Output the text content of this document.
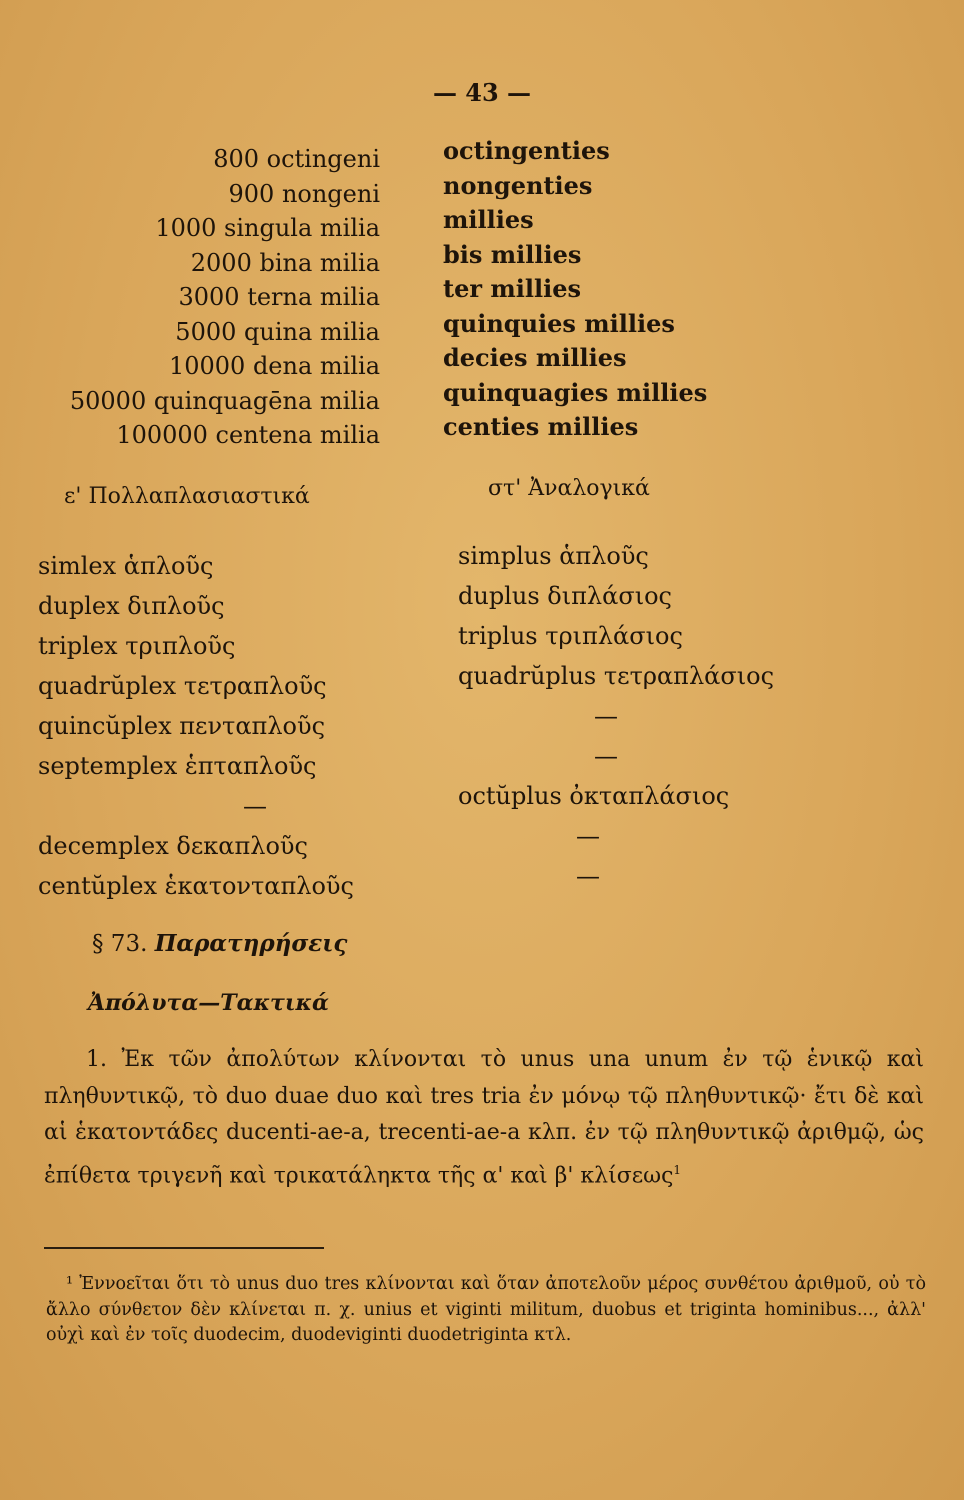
— 43 —
800 octingeni
900 nongeni
1000 singula milia
2000 bina milia
3000 terna milia
5000 quina milia
10000 dena milia
50000 quinquagēna milia
100000 centena milia
octingenties
nongenties
millies
bis millies
ter millies
quinquies millies
decies millies
quinquagies millies
centies millies
ε' Πολλαπλασιαστικά	στ' Ἀναλογικά
simlex ἁπλοῦς
duplex διπλοῦς
triplex τριπλοῦς
quadrŭplex τετραπλοῦς
quincŭplex πενταπλοῦς
septemplex ἑπταπλοῦς
—
decemplex δεκαπλοῦς
centŭplex ἑκατονταπλοῦς
simplus ἁπλοῦς
duplus διπλάσιος
triplus τριπλάσιος
quadrŭplus τετραπλάσιος
—
—
octŭplus ὀκταπλάσιος
—
—
§ 73. Παρατηρήσεις
Ἀπόλυτα—Τακτικά
1. Ἐκ τῶν ἀπολύτων κλίνονται τὸ unus una unum ἐν τῷ ἑνικῷ καὶ πληθυντικῷ, τὸ duo duae duo καὶ tres tria ἐν μόνῳ τῷ πληθυντικῷ· ἔτι δὲ καὶ αἱ ἑκατοντάδες ducenti-ae-a, trecenti-ae-a κλπ. ἐν τῷ πληθυντικῷ ἀριθμῷ, ὡς ἐπίθετα τριγενῆ καὶ τρικατάληκτα τῆς α' καὶ β' κλίσεως$^1$
¹ Ἐννοεῖται ὅτι τὸ unus duo tres κλίνονται καὶ ὅταν ἀποτελοῦν μέρος συνθέτου ἀριθμοῦ, οὐ τὸ ἄλλο σύνθετον δὲν κλίνεται π. χ. unius et viginti militum, duobus et triginta hominibus..., ἀλλ' οὐχὶ καὶ ἐν τοῖς duodecim, duodeviginti duodetriginta κτλ.
